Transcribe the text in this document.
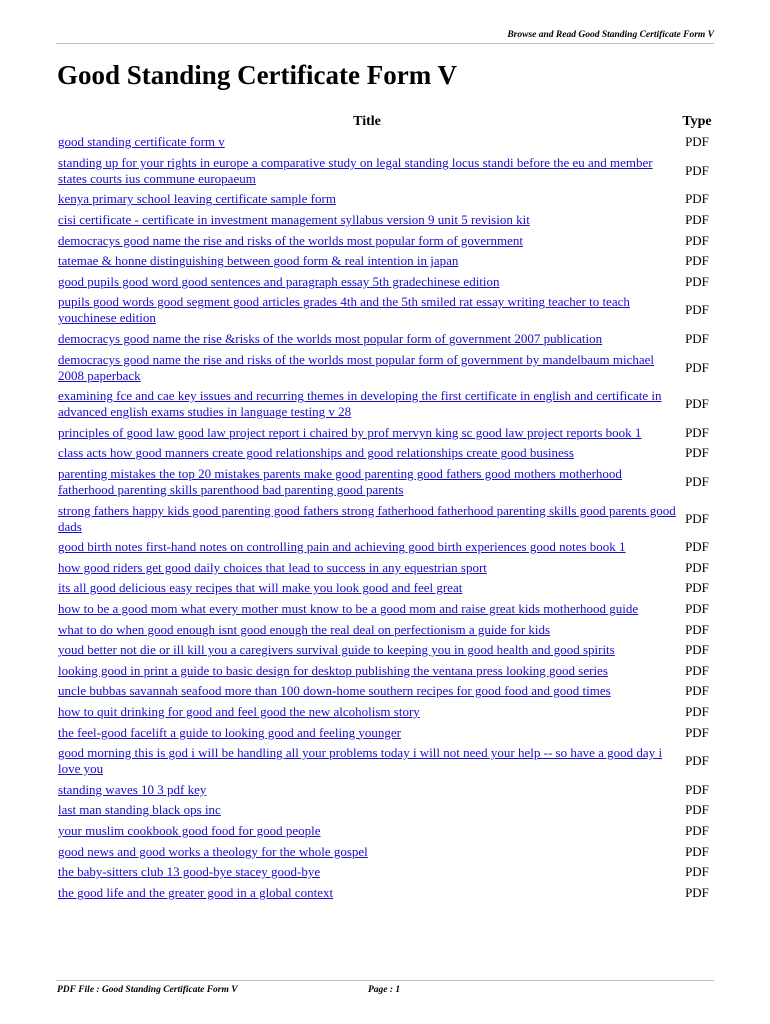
Browse and Read Good Standing Certificate Form V
Good Standing Certificate Form V
Title	Type
good standing certificate form v	PDF
standing up for your rights in europe a comparative study on legal standing locus standi before the eu and member states courts ius commune europaeum
PDF
kenya primary school leaving certificate sample form	PDF
cisi certificate - certificate in investment management syllabus version 9 unit 5 revision kit	PDF
democracys good name the rise and risks of the worlds most popular form of government	PDF
tatemae & honne distinguishing between good form & real intention in japan	PDF
good pupils good word good sentences and paragraph essay 5th gradechinese edition	PDF
pupils good words good segment good articles grades 4th and the 5th smiled rat essay writing teacher to teach youchinese edition
PDF
democracys good name the rise &risks of the worlds most popular form of government 2007 publication	PDF
democracys good name the rise and risks of the worlds most popular form of government by mandelbaum michael 2008 paperback
PDF
examining fce and cae key issues and recurring themes in developing the first certificate in english and certificate in advanced english exams studies in language testing v 28
PDF
principles of good law good law project report i chaired by prof mervyn king sc good law project reports book 1	PDF
class acts how good manners create good relationships and good relationships create good business	PDF
parenting mistakes the top 20 mistakes parents make good parenting good fathers good mothers motherhood fatherhood parenting skills parenthood bad parenting good parents
PDF
strong fathers happy kids good parenting good fathers strong fatherhood fatherhood parenting skills good parents good dads
PDF
good birth notes first-hand notes on controlling pain and achieving good birth experiences good notes book 1	PDF
how good riders get good daily choices that lead to success in any equestrian sport	PDF
its all good delicious easy recipes that will make you look good and feel great	PDF
how to be a good mom what every mother must know to be a good mom and raise great kids motherhood guide	PDF
what to do when good enough isnt good enough the real deal on perfectionism a guide for kids	PDF
youd better not die or ill kill you a caregivers survival guide to keeping you in good health and good spirits	PDF
looking good in print a guide to basic design for desktop publishing the ventana press looking good series	PDF
uncle bubbas savannah seafood more than 100 down-home southern recipes for good food and good times	PDF
how to quit drinking for good and feel good the new alcoholism story	PDF
the feel-good facelift a guide to looking good and feeling younger	PDF
good morning this is god i will be handling all your problems today i will not need your help -- so have a good day i love you
PDF
standing waves 10 3 pdf key	PDF
last man standing black ops inc	PDF
your muslim cookbook good food for good people	PDF
good news and good works a theology for the whole gospel	PDF
the baby-sitters club 13 good-bye stacey good-bye	PDF
the good life and the greater good in a global context	PDF
PDF File : Good Standing Certificate Form V	Page : 1
